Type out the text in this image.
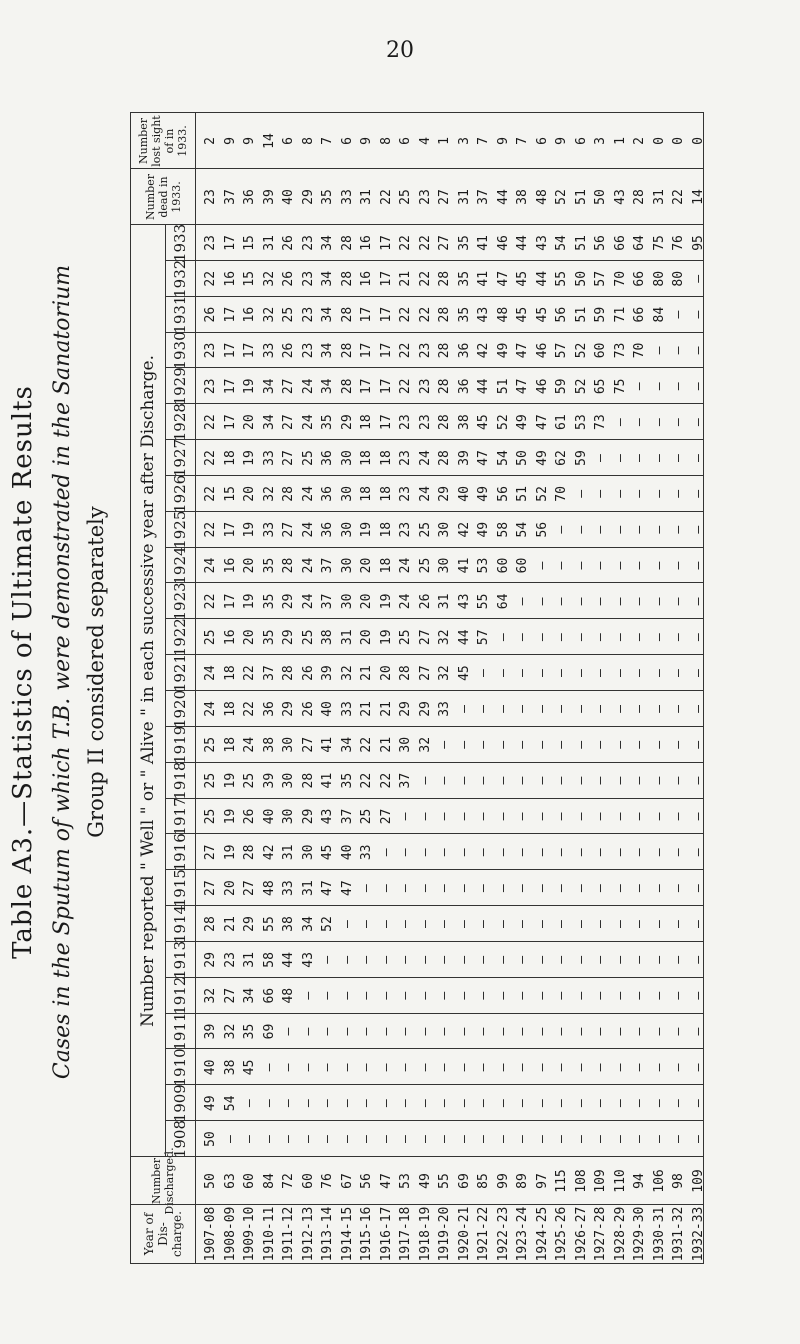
20
Table A3.—Statistics of Ultimate Results Cases in the Sputum of which T.B. were demonstrated in the Sanatorium Group II considered separately
Year of Dis-charge.
Number Discharged.
Number reported " Well " or " Alive " in each successive year after Discharge.
Number dead in 1933.
Number lost sight of in 1933.
1908
1909
1910
1911
1912
1913
1914
1915
1916
1917
1918
1919
1920
1921
1922
1923
1924
1925
1926
1927
1928
1929
1930
1931
1932
1933
1907-08
50
50
49
40
39
32
29
28
27
27
25
25
25
24
24
25
22
24
22
22
22
22
23
23
26
22
23
23
2
1908-09
63
—
54
38
32
27
23
21
20
19
19
19
18
18
18
16
17
16
17
15
18
17
17
17
17
16
17
37
9
1909-10
60
—
—
45
35
34
31
29
27
28
26
25
24
22
22
20
19
20
19
20
19
20
19
17
16
15
15
36
9
1910-11
84
—
—
—
69
66
58
55
48
42
40
39
38
36
37
35
35
35
33
32
33
34
34
33
32
32
31
39
14
1911-12
72
—
—
—
—
48
44
38
33
31
30
30
30
29
28
29
29
28
27
28
27
27
27
26
25
26
26
40
6
1912-13
60
—
—
—
—
—
43
34
31
30
29
28
27
26
26
25
24
24
24
24
25
24
24
23
23
23
23
29
8
1913-14
76
—
—
—
—
—
—
52
47
45
43
41
41
40
39
38
37
37
36
36
36
35
34
34
34
34
34
35
7
1914-15
67
—
—
—
—
—
—
—
47
40
37
35
34
33
32
31
30
30
30
30
30
29
28
28
28
28
28
33
6
1915-16
56
—
—
—
—
—
—
—
—
33
25
22
22
21
21
20
20
20
19
18
18
18
17
17
17
16
16
31
9
1916-17
47
—
—
—
—
—
—
—
—
—
27
22
21
21
20
19
19
18
18
18
18
17
17
17
17
17
17
22
8
1917-18
53
—
—
—
—
—
—
—
—
—
—
37
30
29
28
25
24
24
23
23
23
23
22
22
22
21
22
25
6
1918-19
49
—
—
—
—
—
—
—
—
—
—
—
32
29
27
27
26
25
25
24
24
23
23
23
22
22
22
23
4
1919-20
55
—
—
—
—
—
—
—
—
—
—
—
—
33
32
32
31
30
30
29
28
28
28
28
28
28
27
27
1
1920-21
69
—
—
—
—
—
—
—
—
—
—
—
—
—
45
44
43
41
42
40
39
38
36
36
35
35
35
31
3
1921-22
85
—
—
—
—
—
—
—
—
—
—
—
—
—
—
57
55
53
49
49
47
45
44
42
43
41
41
37
7
1922-23
99
—
—
—
—
—
—
—
—
—
—
—
—
—
—
—
64
60
58
56
54
52
51
49
48
47
46
44
9
1923-24
89
—
—
—
—
—
—
—
—
—
—
—
—
—
—
—
—
60
54
51
50
49
47
47
45
45
44
38
7
1924-25
97
—
—
—
—
—
—
—
—
—
—
—
—
—
—
—
—
—
56
52
49
47
46
46
45
44
43
48
6
1925-26
115
—
—
—
—
—
—
—
—
—
—
—
—
—
—
—
—
—
—
70
62
61
59
57
56
55
54
52
9
1926-27
108
—
—
—
—
—
—
—
—
—
—
—
—
—
—
—
—
—
—
—
59
53
52
52
51
50
51
51
6
1927-28
109
—
—
—
—
—
—
—
—
—
—
—
—
—
—
—
—
—
—
—
—
73
65
60
59
57
56
50
3
1928-29
110
—
—
—
—
—
—
—
—
—
—
—
—
—
—
—
—
—
—
—
—
—
75
73
71
70
66
43
1
1929-30
94
—
—
—
—
—
—
—
—
—
—
—
—
—
—
—
—
—
—
—
—
—
—
70
66
66
64
28
2
1930-31
106
—
—
—
—
—
—
—
—
—
—
—
—
—
—
—
—
—
—
—
—
—
—
—
84
80
75
31
0
1931-32
98
—
—
—
—
—
—
—
—
—
—
—
—
—
—
—
—
—
—
—
—
—
—
—
—
80
76
22
0
1932-33
109
—
—
—
—
—
—
—
—
—
—
—
—
—
—
—
—
—
—
—
—
—
—
—
—
—
95
14
0
